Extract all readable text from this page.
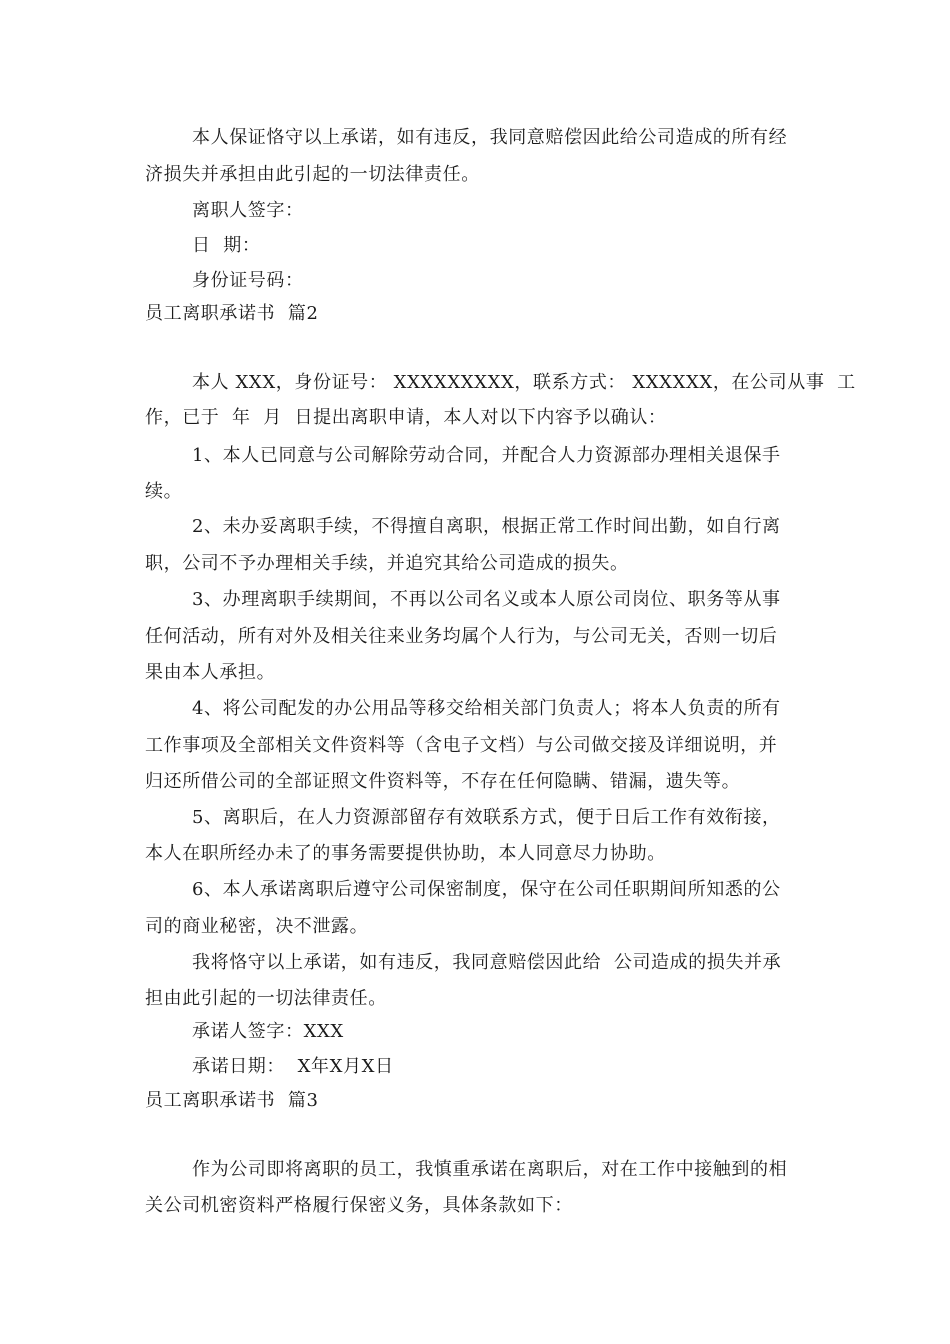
本人保证恪守以上承诺，如有违反，我同意赔偿因此给公司造成的所有经
济损失并承担由此引起的一切法律责任。
离职人签字：
日  期：
身份证号码：
员工离职承诺书  篇2
本人 XXX，身份证号： XXXXXXXXX，联系方式： XXXXXX，在公司从事  工
作，已于  年  月  日提出离职申请，本人对以下内容予以确认：
1、本人已同意与公司解除劳动合同，并配合人力资源部办理相关退保手
续。
2、未办妥离职手续，不得擅自离职，根据正常工作时间出勤，如自行离
职，公司不予办理相关手续，并追究其给公司造成的损失。
3、办理离职手续期间，不再以公司名义或本人原公司岗位、职务等从事
任何活动，所有对外及相关往来业务均属个人行为，与公司无关，否则一切后
果由本人承担。
4、将公司配发的办公用品等移交给相关部门负责人；将本人负责的所有
工作事项及全部相关文件资料等（含电子文档）与公司做交接及详细说明，并
归还所借公司的全部证照文件资料等，不存在任何隐瞒、错漏，遗失等。
5、离职后，在人力资源部留存有效联系方式，便于日后工作有效衔接，
本人在职所经办未了的事务需要提供协助，本人同意尽力协助。
6、本人承诺离职后遵守公司保密制度，保守在公司任职期间所知悉的公
司的商业秘密，决不泄露。
我将恪守以上承诺，如有违反，我同意赔偿因此给  公司造成的损失并承
担由此引起的一切法律责任。
承诺人签字：XXX
承诺日期：  X年X月X日
员工离职承诺书  篇3
作为公司即将离职的员工，我慎重承诺在离职后，对在工作中接触到的相
关公司机密资料严格履行保密义务，具体条款如下：
